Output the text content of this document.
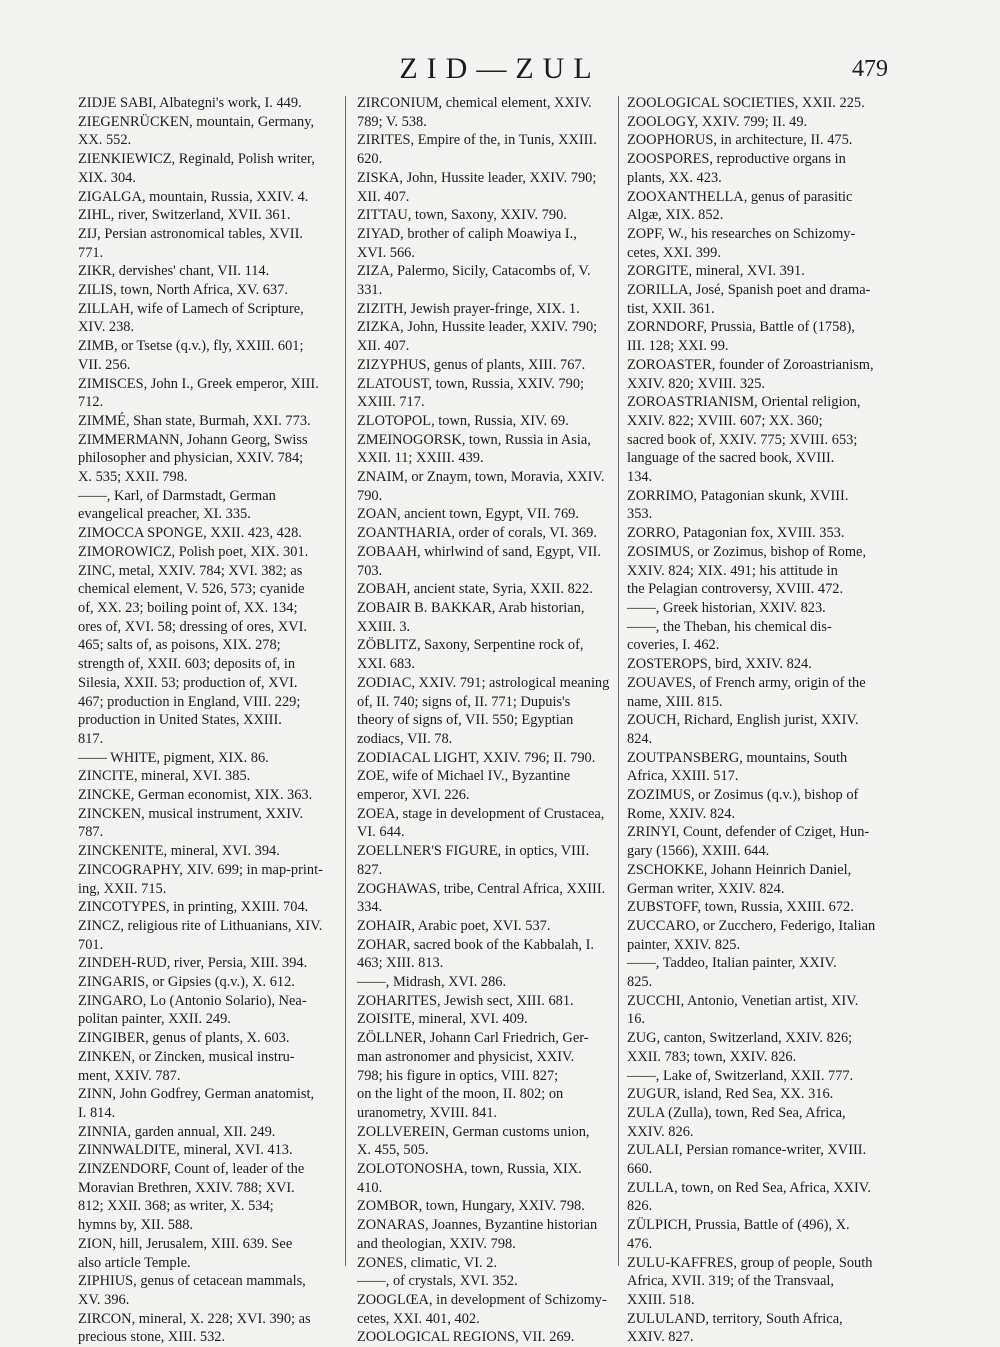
ZID—ZUL	479

ZIDJE SABI, Albategni's work, I. 449.

ZIEGENRÜCKEN, mountain, Germany,

XX. 552.

ZIENKIEWICZ, Reginald, Polish writer,

XIX. 304.

ZIGALGA, mountain, Russia, XXIV. 4.

ZIHL, river, Switzerland, XVII. 361.

ZIJ, Persian astronomical tables, XVII.

771.

ZIKR, dervishes' chant, VII. 114.

ZILIS, town, North Africa, XV. 637.

ZILLAH, wife of Lamech of Scripture,

XIV. 238.

ZIMB, or Tsetse (q.v.), fly, XXIII. 601;

VII. 256.

ZIMISCES, John I., Greek emperor, XIII.

712.

ZIMMÉ, Shan state, Burmah, XXI. 773.

ZIMMERMANN, Johann Georg, Swiss

philosopher and physician, XXIV. 784;

X. 535; XXII. 798.

——, Karl, of Darmstadt, German

evangelical preacher, XI. 335.

ZIMOCCA SPONGE, XXII. 423, 428.

ZIMOROWICZ, Polish poet, XIX. 301.

ZINC, metal, XXIV. 784; XVI. 382; as

chemical element, V. 526, 573; cyanide

of, XX. 23; boiling point of, XX. 134;

ores of, XVI. 58; dressing of ores, XVI.

465; salts of, as poisons, XIX. 278;

strength of, XXII. 603; deposits of, in

Silesia, XXII. 53; production of, XVI.

467; production in England, VIII. 229;

production in United States, XXIII.

817.

—— WHITE, pigment, XIX. 86.

ZINCITE, mineral, XVI. 385.

ZINCKE, German economist, XIX. 363.

ZINCKEN, musical instrument, XXIV.

787.

ZINCKENITE, mineral, XVI. 394.

ZINCOGRAPHY, XIV. 699; in map-print-

ing, XXII. 715.

ZINCOTYPES, in printing, XXIII. 704.

ZINCZ, religious rite of Lithuanians, XIV.

701.

ZINDEH-RUD, river, Persia, XIII. 394.

ZINGARIS, or Gipsies (q.v.), X. 612.

ZINGARO, Lo (Antonio Solario), Nea-

politan painter, XXII. 249.

ZINGIBER, genus of plants, X. 603.

ZINKEN, or Zincken, musical instru-

ment, XXIV. 787.

ZINN, John Godfrey, German anatomist,

I. 814.

ZINNIA, garden annual, XII. 249.

ZINNWALDITE, mineral, XVI. 413.

ZINZENDORF, Count of, leader of the

Moravian Brethren, XXIV. 788; XVI.

812; XXII. 368; as writer, X. 534;

hymns by, XII. 588.

ZION, hill, Jerusalem, XIII. 639. See

also article Temple.

ZIPHIUS, genus of cetacean mammals,

XV. 396.

ZIRCON, mineral, X. 228; XVI. 390; as

precious stone, XIII. 532.

ZIRCONIUM, chemical element, XXIV.

789; V. 538.

ZIRITES, Empire of the, in Tunis, XXIII.

620.

ZISKA, John, Hussite leader, XXIV. 790;

XII. 407.

ZITTAU, town, Saxony, XXIV. 790.

ZIYAD, brother of caliph Moawiya I.,

XVI. 566.

ZIZA, Palermo, Sicily, Catacombs of, V.

331.

ZIZITH, Jewish prayer-fringe, XIX. 1.

ZIZKA, John, Hussite leader, XXIV. 790;

XII. 407.

ZIZYPHUS, genus of plants, XIII. 767.

ZLATOUST, town, Russia, XXIV. 790;

XXIII. 717.

ZLOTOPOL, town, Russia, XIV. 69.

ZMEINOGORSK, town, Russia in Asia,

XXII. 11; XXIII. 439.

ZNAIM, or Znaym, town, Moravia, XXIV.

790.

ZOAN, ancient town, Egypt, VII. 769.

ZOANTHARIA, order of corals, VI. 369.

ZOBAAH, whirlwind of sand, Egypt, VII.

703.

ZOBAH, ancient state, Syria, XXII. 822.

ZOBAIR B. BAKKAR, Arab historian,

XXIII. 3.

ZÖBLITZ, Saxony, Serpentine rock of,

XXI. 683.

ZODIAC, XXIV. 791; astrological meaning

of, II. 740; signs of, II. 771; Dupuis's

theory of signs of, VII. 550; Egyptian

zodiacs, VII. 78.

ZODIACAL LIGHT, XXIV. 796; II. 790.

ZOE, wife of Michael IV., Byzantine

emperor, XVI. 226.

ZOEA, stage in development of Crustacea,

VI. 644.

ZOELLNER'S FIGURE, in optics, VIII.

827.

ZOGHAWAS, tribe, Central Africa, XXIII.

334.

ZOHAIR, Arabic poet, XVI. 537.

ZOHAR, sacred book of the Kabbalah, I.

463; XIII. 813.

——, Midrash, XVI. 286.

ZOHARITES, Jewish sect, XIII. 681.

ZOISITE, mineral, XVI. 409.

ZÖLLNER, Johann Carl Friedrich, Ger-

man astronomer and physicist, XXIV.

798; his figure in optics, VIII. 827;

on the light of the moon, II. 802; on

uranometry, XVIII. 841.

ZOLLVEREIN, German customs union,

X. 455, 505.

ZOLOTONOSHA, town, Russia, XIX.

410.

ZOMBOR, town, Hungary, XXIV. 798.

ZONARAS, Joannes, Byzantine historian

and theologian, XXIV. 798.

ZONES, climatic, VI. 2.

——, of crystals, XVI. 352.

ZOOGLŒA, in development of Schizomy-

cetes, XXI. 401, 402.

ZOOLOGICAL REGIONS, VII. 269.

ZOOLOGICAL SOCIETIES, XXII. 225.

ZOOLOGY, XXIV. 799; II. 49.

ZOOPHORUS, in architecture, II. 475.

ZOOSPORES, reproductive organs in

plants, XX. 423.

ZOOXANTHELLA, genus of parasitic

Algæ, XIX. 852.

ZOPF, W., his researches on Schizomy-

cetes, XXI. 399.

ZORGITE, mineral, XVI. 391.

ZORILLA, José, Spanish poet and drama-

tist, XXII. 361.

ZORNDORF, Prussia, Battle of (1758),

III. 128; XXI. 99.

ZOROASTER, founder of Zoroastrianism,

XXIV. 820; XVIII. 325.

ZOROASTRIANISM, Oriental religion,

XXIV. 822; XVIII. 607; XX. 360;

sacred book of, XXIV. 775; XVIII. 653;

language of the sacred book, XVIII.

134.

ZORRIMO, Patagonian skunk, XVIII.

353.

ZORRO, Patagonian fox, XVIII. 353.

ZOSIMUS, or Zozimus, bishop of Rome,

XXIV. 824; XIX. 491; his attitude in

the Pelagian controversy, XVIII. 472.

——, Greek historian, XXIV. 823.

——, the Theban, his chemical dis-

coveries, I. 462.

ZOSTEROPS, bird, XXIV. 824.

ZOUAVES, of French army, origin of the

name, XIII. 815.

ZOUCH, Richard, English jurist, XXIV.

824.

ZOUTPANSBERG, mountains, South

Africa, XXIII. 517.

ZOZIMUS, or Zosimus (q.v.), bishop of

Rome, XXIV. 824.

ZRINYI, Count, defender of Cziget, Hun-

gary (1566), XXIII. 644.

ZSCHOKKE, Johann Heinrich Daniel,

German writer, XXIV. 824.

ZUBSTOFF, town, Russia, XXIII. 672.

ZUCCARO, or Zucchero, Federigo, Italian

painter, XXIV. 825.

——, Taddeo, Italian painter, XXIV.

825.

ZUCCHI, Antonio, Venetian artist, XIV.

16.

ZUG, canton, Switzerland, XXIV. 826;

XXII. 783; town, XXIV. 826.

——, Lake of, Switzerland, XXII. 777.

ZUGUR, island, Red Sea, XX. 316.

ZULA (Zulla), town, Red Sea, Africa,

XXIV. 826.

ZULALI, Persian romance-writer, XVIII.

660.

ZULLA, town, on Red Sea, Africa, XXIV.

826.

ZÜLPICH, Prussia, Battle of (496), X.

476.

ZULU-KAFFRES, group of people, South

Africa, XVII. 319; of the Transvaal,

XXIII. 518.

ZULULAND, territory, South Africa,

XXIV. 827.
